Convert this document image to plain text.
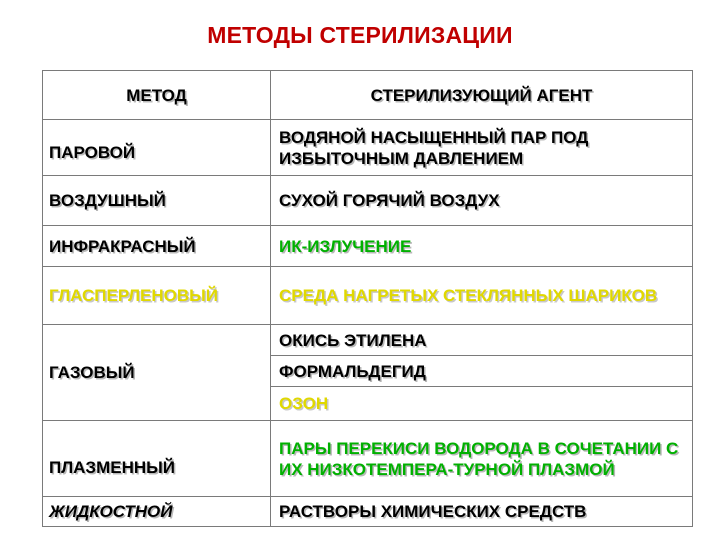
МЕТОДЫ СТЕРИЛИЗАЦИИ
МЕТОД	СТЕРИЛИЗУЮЩИЙ АГЕНТ
ПАРОВОЙ	ВОДЯНОЙ НАСЫЩЕННЫЙ ПАР ПОД ИЗБЫТОЧНЫМ ДАВЛЕНИЕМ
ВОЗДУШНЫЙ	СУХОЙ ГОРЯЧИЙ ВОЗДУХ
ИНФРАКРАСНЫЙ	ИК-ИЗЛУЧЕНИЕ
ГЛАСПЕРЛЕНОВЫЙ	СРЕДА НАГРЕТЫХ СТЕКЛЯННЫХ ШАРИКОВ
ГАЗОВЫЙ	ОКИСЬ ЭТИЛЕНА
	ФОРМАЛЬДЕГИД
	ОЗОН
ПЛАЗМЕННЫЙ	ПАРЫ ПЕРЕКИСИ ВОДОРОДА В СОЧЕТАНИИ С ИХ НИЗКОТЕМПЕРА-ТУРНОЙ ПЛАЗМОЙ
ЖИДКОСТНОЙ	РАСТВОРЫ ХИМИЧЕСКИХ СРЕДСТВ
